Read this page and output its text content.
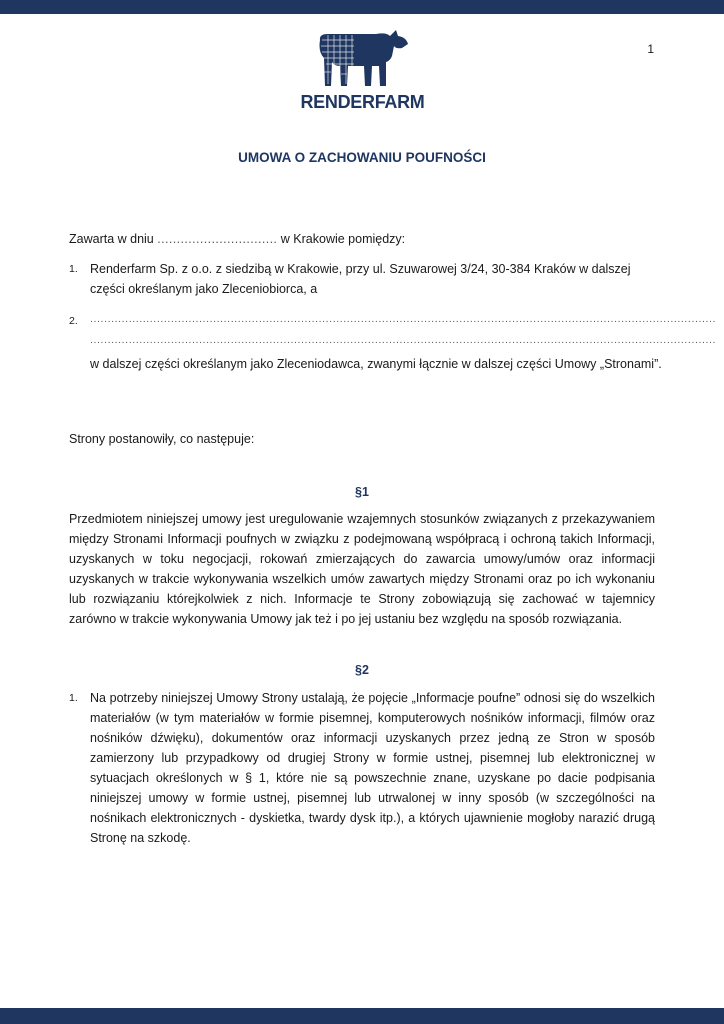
1
RENDERFARM
UMOWA O ZACHOWANIU POUFNOŚCI
Zawarta w dniu ............................... w Krakowie pomiędzy:
1. Renderfarm Sp. z o.o. z siedzibą w Krakowie, przy ul. Szuwarowej 3/24, 30-384 Kraków w dalszej części określanym jako Zleceniobiorca, a
2. ..................................................................................................................................................................................
..................................................................................................................................................................................
w dalszej części określanym jako Zleceniodawca, zwanymi łącznie w dalszej części Umowy „Stronami”.
Strony postanowiły, co następuje:
§1
Przedmiotem niniejszej umowy jest uregulowanie wzajemnych stosunków związanych z przekazywaniem między Stronami Informacji poufnych w związku z podejmowaną współpracą i ochroną takich Informacji, uzyskanych w toku negocjacji, rokowań zmierzających do zawarcia umowy/umów oraz informacji uzyskanych w trakcie wykonywania wszelkich umów zawartych między Stronami oraz po ich wykonaniu lub rozwiązaniu którejkolwiek z nich. Informacje te Strony zobowiązują się zachować w tajemnicy zarówno w trakcie wykonywania Umowy jak też i po jej ustaniu bez względu na sposób rozwiązania.
§2
1. Na potrzeby niniejszej Umowy Strony ustalają, że pojęcie „Informacje poufne” odnosi się do wszelkich materiałów (w tym materiałów w formie pisemnej, komputerowych nośników informacji, filmów oraz nośników dźwięku), dokumentów oraz informacji uzyskanych przez jedną ze Stron w sposób zamierzony lub przypadkowy od drugiej Strony w formie ustnej, pisemnej lub elektronicznej w sytuacjach określonych w § 1, które nie są powszechnie znane, uzyskane po dacie podpisania niniejszej umowy w formie ustnej, pisemnej lub utrwalonej w inny sposób (w szczególności na nośnikach elektronicznych - dyskietka, twardy dysk itp.), a których ujawnienie mogłoby narazić drugą Stronę na szkodę.
